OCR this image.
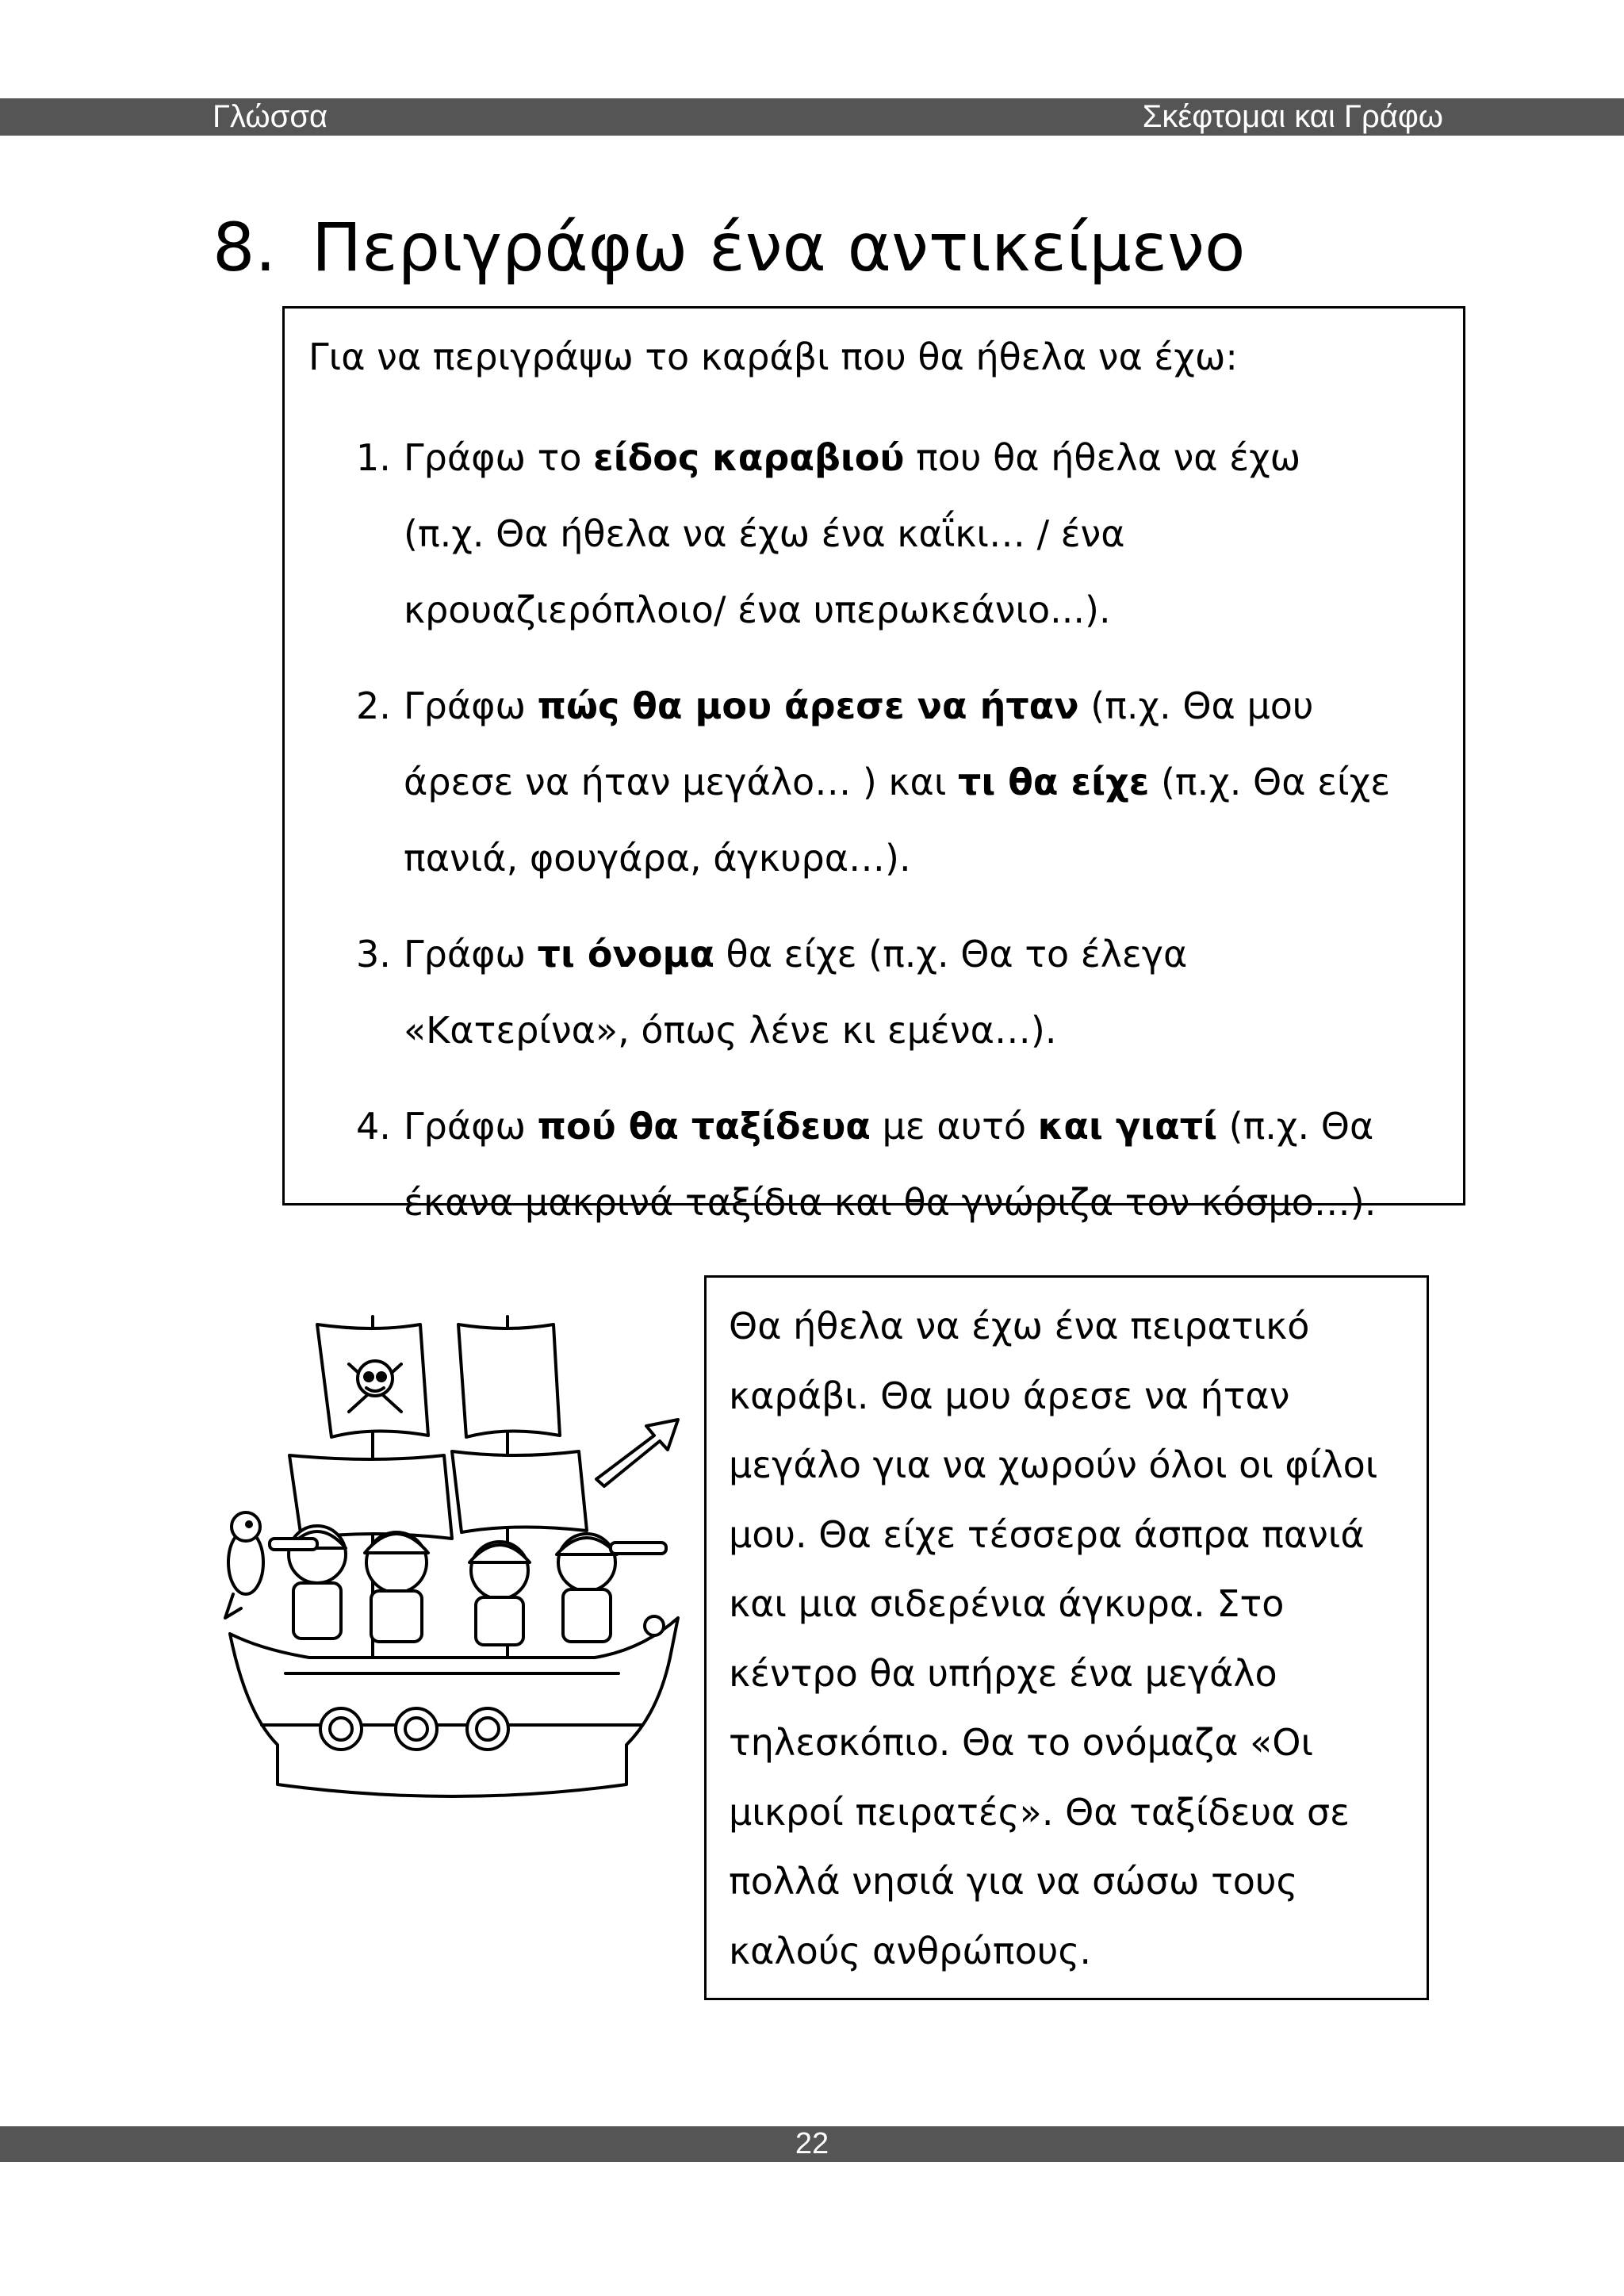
Γλώσσα	Σκέφτομαι και Γράφω
8. Περιγράφω ένα αντικείμενο
Για να περιγράψω το καράβι που θα ήθελα να έχω:
1. Γράφω το είδος καραβιού που θα ήθελα να έχω
(π.χ. Θα ήθελα να έχω ένα καΐκι… / ένα
κρουαζιερόπλοιο/ ένα υπερωκεάνιο...).
2. Γράφω πώς θα μου άρεσε να ήταν (π.χ. Θα μου
άρεσε να ήταν μεγάλο… ) και τι θα είχε (π.χ. Θα είχε
πανιά, φουγάρα, άγκυρα…).
3. Γράφω τι όνομα θα είχε (π.χ. Θα το έλεγα
«Κατερίνα», όπως λένε κι εμένα…).
4. Γράφω πού θα ταξίδευα με αυτό και γιατί (π.χ. Θα
έκανα μακρινά ταξίδια και θα γνώριζα τον κόσμο…).

Θα ήθελα να έχω ένα πειρατικό
καράβι. Θα μου άρεσε να ήταν
μεγάλο για να χωρούν όλοι οι φίλοι
μου. Θα είχε τέσσερα άσπρα πανιά
και μια σιδερένια άγκυρα. Στο
κέντρο θα υπήρχε ένα μεγάλο
τηλεσκόπιο. Θα το ονόμαζα «Οι
μικροί πειρατές». Θα ταξίδευα σε
πολλά νησιά για να σώσω τους
καλούς ανθρώπους.

22
